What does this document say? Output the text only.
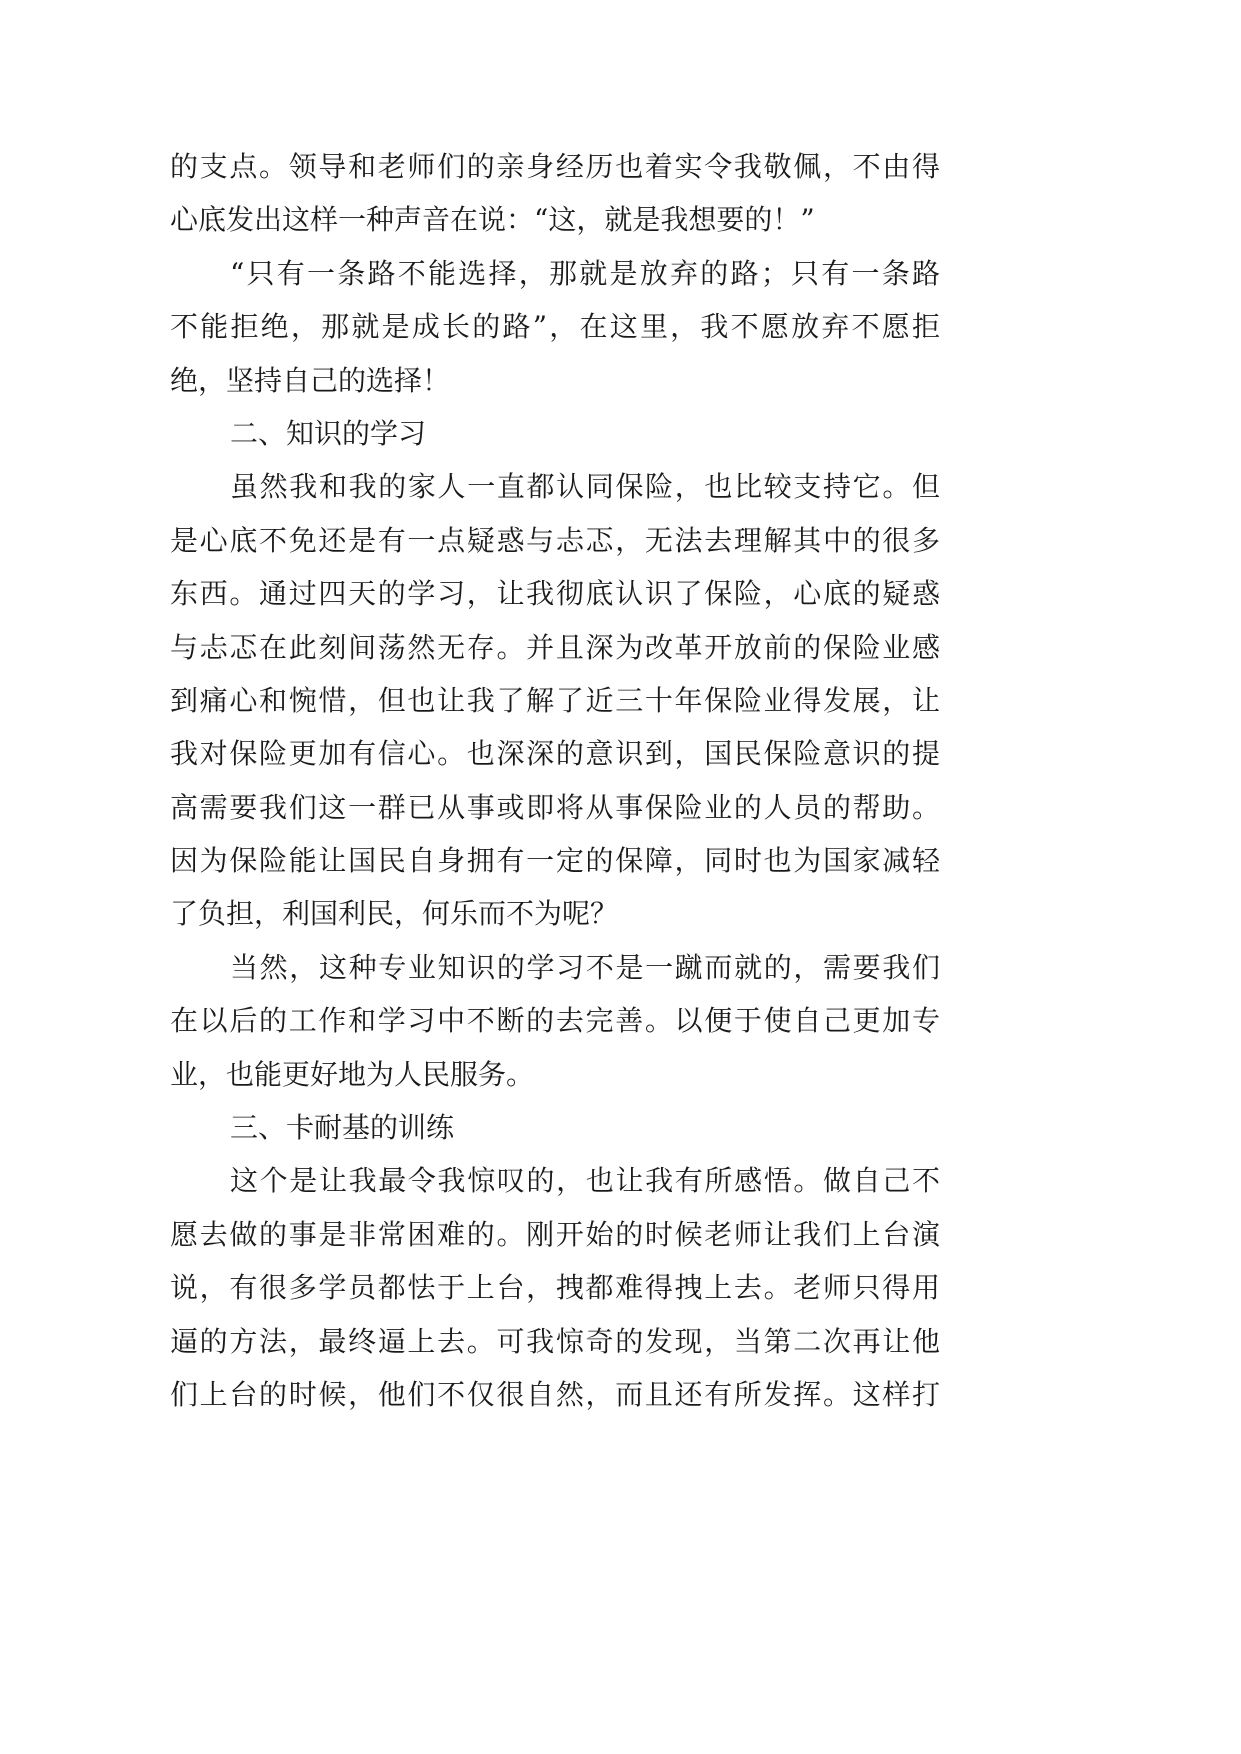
的支点。领导和老师们的亲身经历也着实令我敬佩，不由得
心底发出这样一种声音在说：“这，就是我想要的！”
“只有一条路不能选择，那就是放弃的路；只有一条路
不能拒绝，那就是成长的路”，在这里，我不愿放弃不愿拒
绝，坚持自己的选择！
二、知识的学习
虽然我和我的家人一直都认同保险，也比较支持它。但
是心底不免还是有一点疑惑与忐忑，无法去理解其中的很多
东西。通过四天的学习，让我彻底认识了保险，心底的疑惑
与忐忑在此刻间荡然无存。并且深为改革开放前的保险业感
到痛心和惋惜，但也让我了解了近三十年保险业得发展，让
我对保险更加有信心。也深深的意识到，国民保险意识的提
高需要我们这一群已从事或即将从事保险业的人员的帮助。
因为保险能让国民自身拥有一定的保障，同时也为国家减轻
了负担，利国利民，何乐而不为呢？
当然，这种专业知识的学习不是一蹴而就的，需要我们
在以后的工作和学习中不断的去完善。以便于使自己更加专
业，也能更好地为人民服务。
三、卡耐基的训练
这个是让我最令我惊叹的，也让我有所感悟。做自己不
愿去做的事是非常困难的。刚开始的时候老师让我们上台演
说，有很多学员都怯于上台，拽都难得拽上去。老师只得用
逼的方法，最终逼上去。可我惊奇的发现，当第二次再让他
们上台的时候，他们不仅很自然，而且还有所发挥。这样打
